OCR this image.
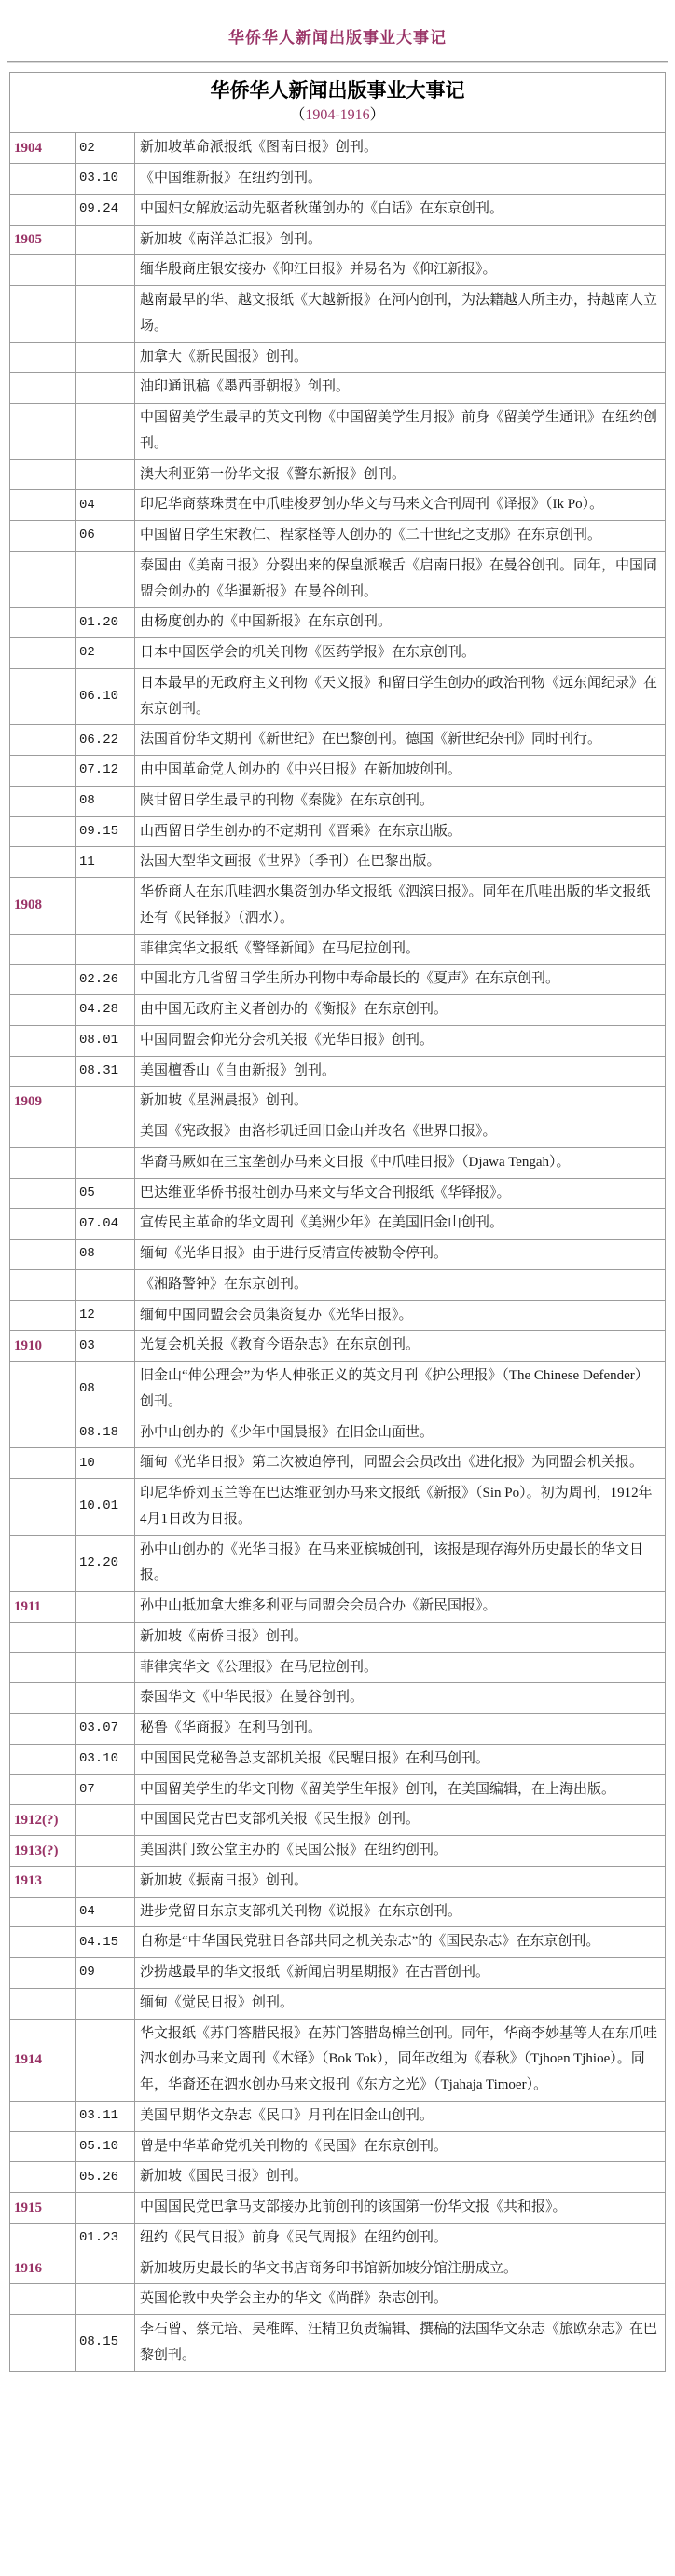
华侨华人新闻出版事业大事记
华侨华人新闻出版事业大事记
（1904-1916）		

1904	02	新加坡革命派报纸《图南日报》创刊。
	03.10	《中国维新报》在纽约创刊。
	09.24	中国妇女解放运动先驱者秋瑾创办的《白话》在东京创刊。
1905		新加坡《南洋总汇报》创刊。
		缅华殷商庄银安接办《仰江日报》并易名为《仰江新报》。
		越南最早的华、越文报纸《大越新报》在河内创刊，为法籍越人所主办，持越南人立场。
		加拿大《新民国报》创刊。
		油印通讯稿《墨西哥朝报》创刊。
		中国留美学生最早的英文刊物《中国留美学生月报》前身《留美学生通讯》在纽约创刊。
		澳大利亚第一份华文报《警东新报》创刊。
	04	印尼华商蔡珠贯在中爪哇梭罗创办华文与马来文合刊周刊《译报》（Ik Po）。
	06	中国留日学生宋教仁、程家柽等人创办的《二十世纪之支那》在东京创刊。
		泰国由《美南日报》分裂出来的保皇派喉舌《启南日报》在曼谷创刊。同年，中国同盟会创办的《华暹新报》在曼谷创刊。
	01.20	由杨度创办的《中国新报》在东京创刊。
	02	日本中国医学会的机关刊物《医药学报》在东京创刊。
	06.10	日本最早的无政府主义刊物《天义报》和留日学生创办的政治刊物《远东闻纪录》在东京创刊。
	06.22	法国首份华文期刊《新世纪》在巴黎创刊。德国《新世纪杂刊》同时刊行。
	07.12	由中国革命党人创办的《中兴日报》在新加坡创刊。
	08	陕甘留日学生最早的刊物《秦陇》在东京创刊。
	09.15	山西留日学生创办的不定期刊《晋乘》在东京出版。
	11	法国大型华文画报《世界》（季刊）在巴黎出版。
1908		华侨商人在东爪哇泗水集资创办华文报纸《泗滨日报》。同年在爪哇出版的华文报纸还有《民铎报》（泗水）。
		菲律宾华文报纸《警铎新闻》在马尼拉创刊。
	02.26	中国北方几省留日学生所办刊物中寿命最长的《夏声》在东京创刊。
	04.28	由中国无政府主义者创办的《衡报》在东京创刊。
	08.01	中国同盟会仰光分会机关报《光华日报》创刊。
	08.31	美国檀香山《自由新报》创刊。
1909		新加坡《星洲晨报》创刊。
		美国《宪政报》由洛杉矶迁回旧金山并改名《世界日报》。
		华裔马厥如在三宝垄创办马来文日报《中爪哇日报》（Djawa Tengah）。
	05	巴达维亚华侨书报社创办马来文与华文合刊报纸《华铎报》。
	07.04	宣传民主革命的华文周刊《美洲少年》在美国旧金山创刊。
	08	缅甸《光华日报》由于进行反清宣传被勒令停刊。
		《湘路警钟》在东京创刊。
	12	缅甸中国同盟会会员集资复办《光华日报》。
1910	03	光复会机关报《教育今语杂志》在东京创刊。
	08	旧金山“伸公理会”为华人伸张正义的英文月刊《护公理报》（The Chinese Defender）创刊。
	08.18	孙中山创办的《少年中国晨报》在旧金山面世。
	10	缅甸《光华日报》第二次被迫停刊，同盟会会员改出《进化报》为同盟会机关报。
	10.01	印尼华侨刘玉兰等在巴达维亚创办马来文报纸《新报》（Sin Po）。初为周刊，1912年4月1日改为日报。
	12.20	孙中山创办的《光华日报》在马来亚槟城创刊，该报是现存海外历史最长的华文日报。
1911		孙中山抵加拿大维多利亚与同盟会会员合办《新民国报》。
		新加坡《南侨日报》创刊。
		菲律宾华文《公理报》在马尼拉创刊。
		泰国华文《中华民报》在曼谷创刊。
	03.07	秘鲁《华商报》在利马创刊。
	03.10	中国国民党秘鲁总支部机关报《民醒日报》在利马创刊。
	07	中国留美学生的华文刊物《留美学生年报》创刊，在美国编辑，在上海出版。
1912(?)		中国国民党古巴支部机关报《民生报》创刊。
1913(?)		美国洪门致公堂主办的《民国公报》在纽约创刊。
1913		新加坡《振南日报》创刊。
	04	进步党留日东京支部机关刊物《说报》在东京创刊。
	04.15	自称是“中华国民党驻日各部共同之机关杂志”的《国民杂志》在东京创刊。
	09	沙捞越最早的华文报纸《新闻启明星期报》在古晋创刊。
		缅甸《觉民日报》创刊。
1914		华文报纸《苏门答腊民报》在苏门答腊岛棉兰创刊。同年，华商李妙基等人在东爪哇泗水创办马来文周刊《木铎》（Bok Tok），同年改组为《春秋》（Tjhoen Tjhioe）。同年，华裔还在泗水创办马来文报刊《东方之光》（Tjahaja Timoer）。
	03.11	美国早期华文杂志《民口》月刊在旧金山创刊。
	05.10	曾是中华革命党机关刊物的《民国》在东京创刊。
	05.26	新加坡《国民日报》创刊。
1915		中国国民党巴拿马支部接办此前创刊的该国第一份华文报《共和报》。
	01.23	纽约《民气日报》前身《民气周报》在纽约创刊。
1916		新加坡历史最长的华文书店商务印书馆新加坡分馆注册成立。
		英国伦敦中央学会主办的华文《尚群》杂志创刊。
	08.15	李石曾、蔡元培、吴稚晖、汪精卫负责编辑、撰稿的法国华文杂志《旅欧杂志》在巴黎创刊。
